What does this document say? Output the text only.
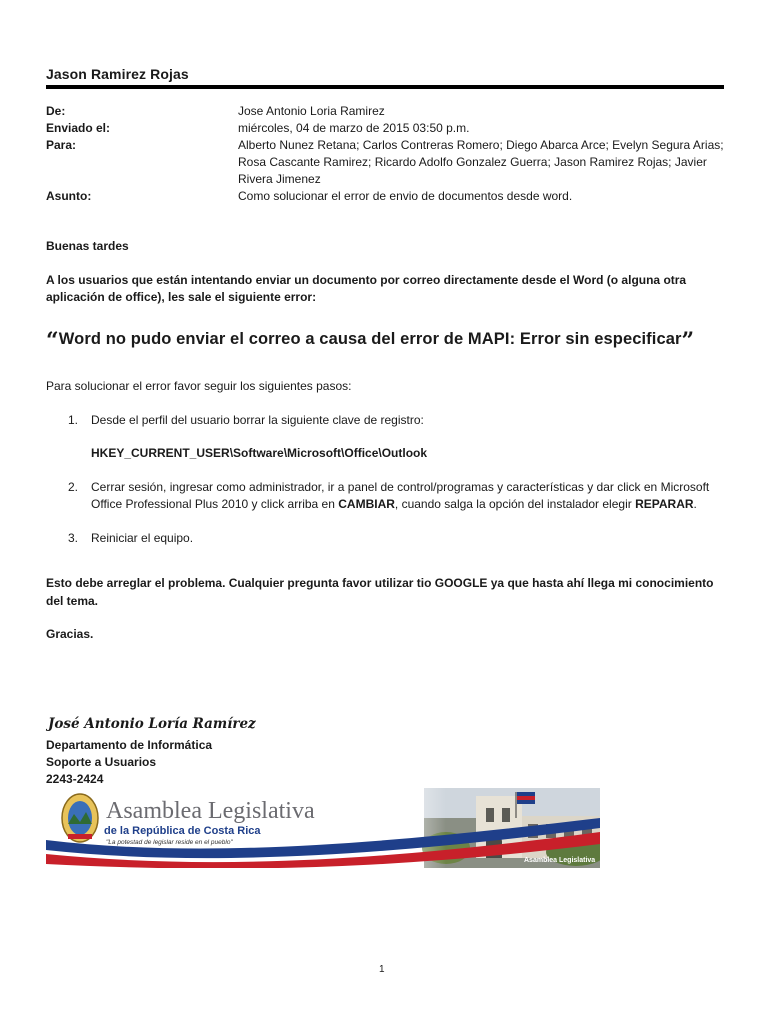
Jason Ramirez Rojas
De:	Jose Antonio Loria Ramirez
Enviado el:	miércoles, 04 de marzo de 2015 03:50 p.m.
Para:	Alberto Nunez Retana; Carlos Contreras Romero; Diego Abarca Arce; Evelyn Segura Arias; Rosa Cascante Ramirez; Ricardo Adolfo Gonzalez Guerra; Jason Ramirez Rojas; Javier Rivera Jimenez
Asunto:	Como solucionar el error de envio de documentos desde word.

Buenas tardes

A los usuarios que están intentando enviar un documento por correo directamente desde el Word (o alguna otra aplicación de office), les sale el siguiente error:

“Word no pudo enviar el correo a causa del error de MAPI: Error sin especificar”

Para solucionar el error favor seguir los siguientes pasos:

1.	Desde el perfil del usuario borrar la siguiente clave de registro:
HKEY_CURRENT_USER\Software\Microsoft\Office\Outlook
2.	Cerrar sesión, ingresar como administrador, ir a panel de control/programas y características y dar click en Microsoft Office Professional Plus 2010 y click arriba en CAMBIAR, cuando salga la opción del instalador elegir REPARAR.
3.	Reiniciar el equipo.

Esto debe arreglar el problema. Cualquier pregunta favor utilizar tio GOOGLE ya que hasta ahí llega mi conocimiento del tema.

Gracias.

José Antonio Loría Ramírez
Departamento de Informática
Soporte a Usuarios
2243-2424
Asamblea Legislativa
de la República de Costa Rica
"La potestad de legislar reside en el pueblo"
Asamblea Legislativa
1
